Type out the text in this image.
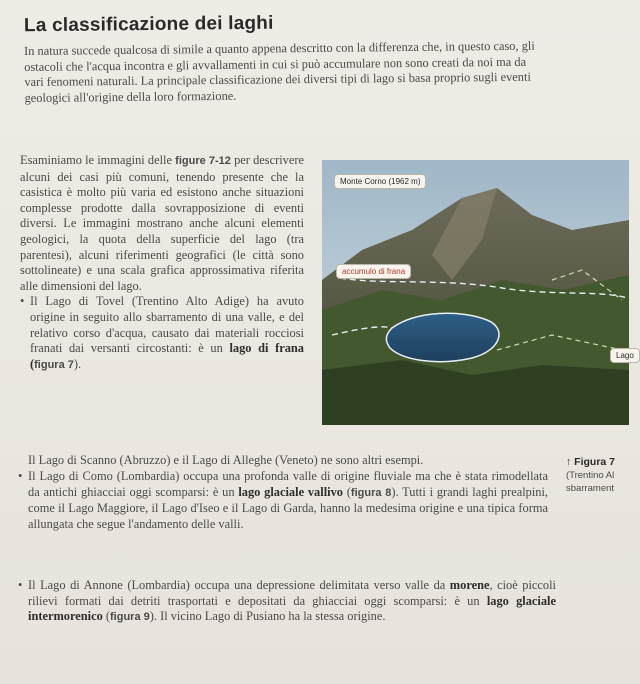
La classificazione dei laghi
In natura succede qualcosa di simile a quanto appena descritto con la differenza che, in questo caso, gli ostacoli che l'acqua incontra e gli avvallamenti in cui si può accumulare non sono creati da noi ma da vari fenomeni naturali. La principale classificazione dei diversi tipi di lago si basa proprio sugli eventi geologici all'origine della loro formazione.
Esaminiamo le immagini delle figure 7-12 per descrivere alcuni dei casi più comuni, tenendo presente che la casistica è molto più varia ed esistono anche situazioni complesse prodotte dalla sovrapposizione di eventi diversi. Le immagini mostrano anche alcuni elementi geologici, la quota della superficie del lago (tra parentesi), alcuni riferimenti geografici (le città sono sottolineate) e una scala grafica approssimativa riferita alle dimensioni del lago.
• Il Lago di Tovel (Trentino Alto Adige) ha avuto origine in seguito allo sbarramento di una valle, e del relativo corso d'acqua, causato dai materiali rocciosi franati dai versanti circostanti: è un lago di frana (figura 7).
Il Lago di Scanno (Abruzzo) e il Lago di Alleghe (Veneto) ne sono altri esempi.
• Il Lago di Como (Lombardia) occupa una profonda valle di origine fluviale ma che è stata rimodellata da antichi ghiacciai oggi scomparsi: è un lago glaciale vallivo (figura 8). Tutti i grandi laghi prealpini, come il Lago Maggiore, il Lago d'Iseo e il Lago di Garda, hanno la medesima origine e una tipica forma allungata che segue l'andamento delle valli.
• Il Lago di Annone (Lombardia) occupa una depressione delimitata verso valle da morene, cioè piccoli rilievi formati dai detriti trasportati e depositati da ghiacciai oggi scomparsi: è un lago glaciale intermorenico (figura 9). Il vicino Lago di Pusiano ha la stessa origine.
Monte Corno (1962 m)
accumulo di frana
Lago
↑ Figura 7
(Trentino Al
sbarrament
